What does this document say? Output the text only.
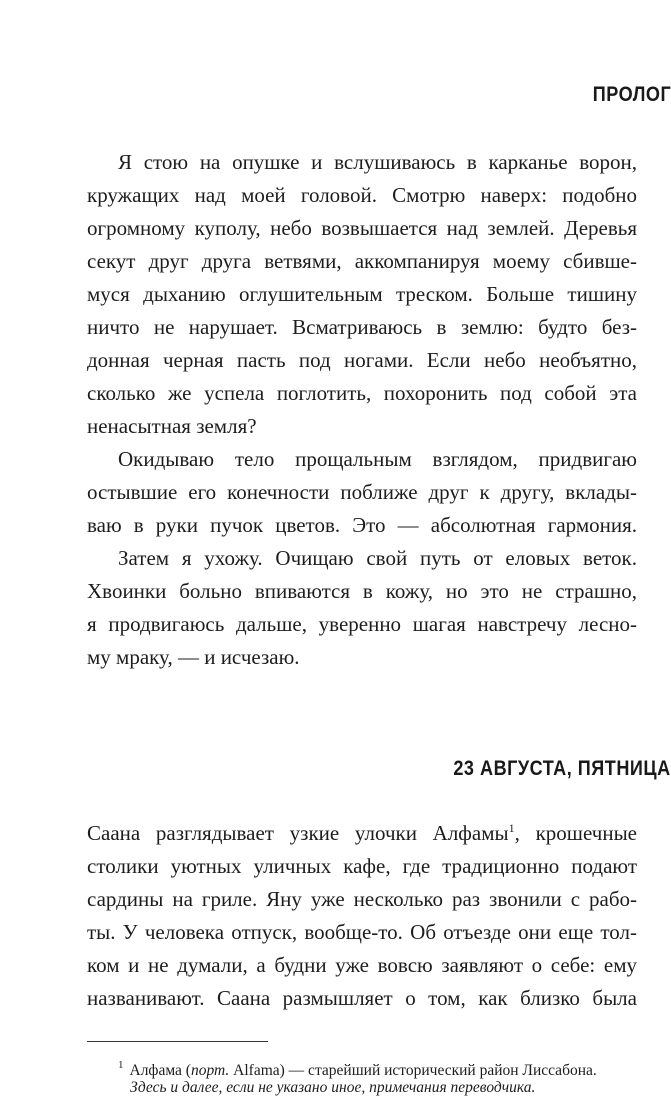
ПРОЛОГ
Я стою на опушке и вслушиваюсь в карканье ворон,
кружащих над моей головой. Смотрю наверх: подобно
огромному куполу, небо возвышается над землей. Деревья
секут друг друга ветвями, аккомпанируя моему сбивше-
муся дыханию оглушительным треском. Больше тишину
ничто не нарушает. Всматриваюсь в землю: будто без-
донная черная пасть под ногами. Если небо необъятно,
сколько же успела поглотить, похоронить под собой эта
ненасытная земля?
Окидываю тело прощальным взглядом, придвигаю
остывшие его конечности поближе друг к другу, вклады-
ваю в руки пучок цветов. Это — абсолютная гармония.
Затем я ухожу. Очищаю свой путь от еловых веток.
Хвоинки больно впиваются в кожу, но это не страшно,
я продвигаюсь дальше, уверенно шагая навстречу лесно-
му мраку, — и исчезаю.
23 АВГУСТА, ПЯТНИЦА
Саана разглядывает узкие улочки Алфамы$^1$, крошечные
столики уютных уличных кафе, где традиционно подают
сардины на гриле. Яну уже несколько раз звонили с рабо-
ты. У человека отпуск, вообще-то. Об отъезде они еще тол-
ком и не думали, а будни уже вовсю заявляют о себе: ему
названивают. Саана размышляет о том, как близко была
$^1$ Алфама (порт. Alfama) — старейший исторический район Лиссабона.
Здесь и далее, если не указано иное, примечания переводчика.
